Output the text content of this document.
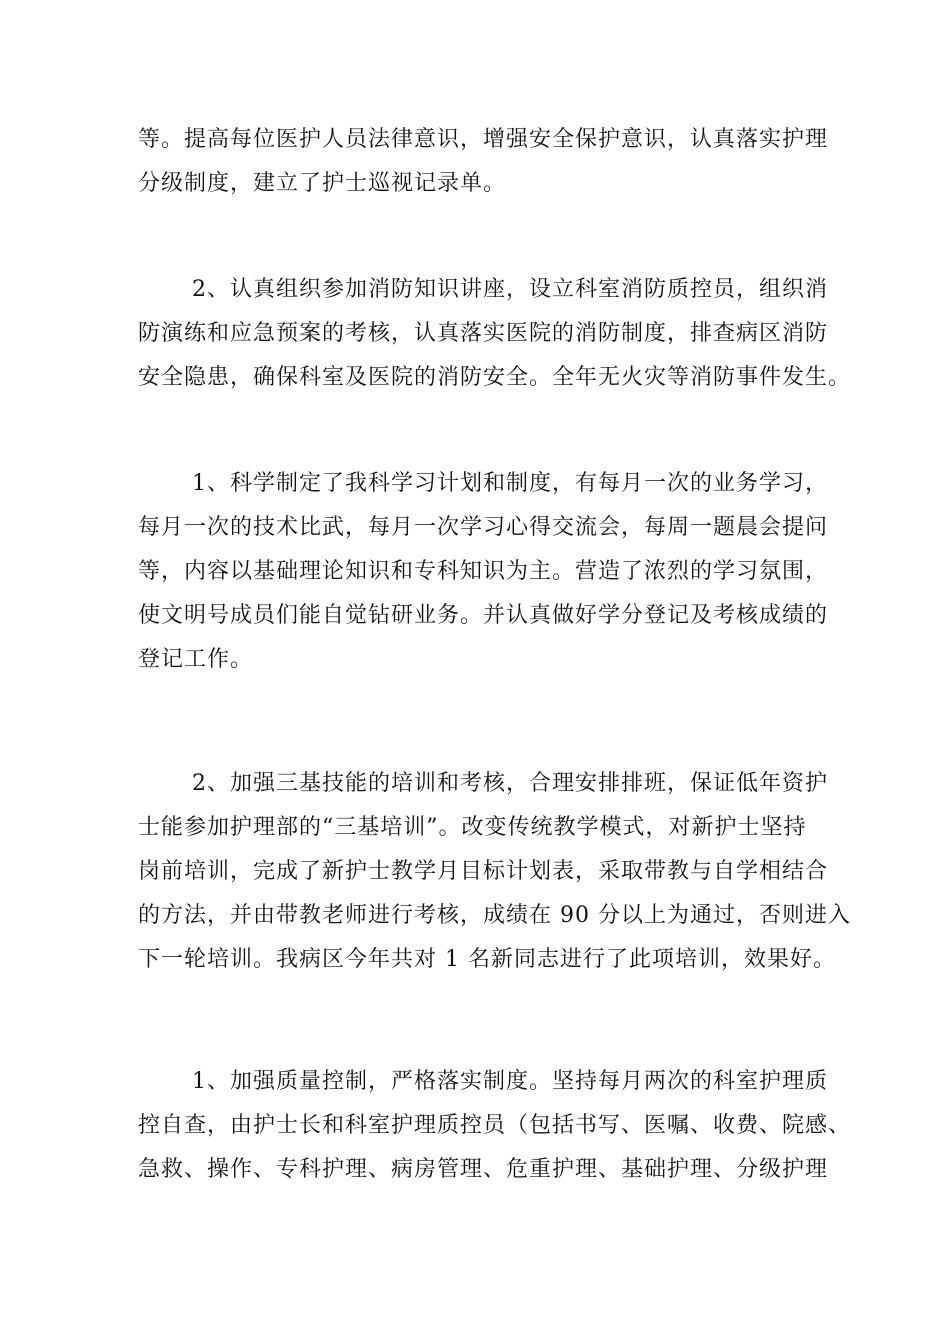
等。提高每位医护人员法律意识，增强安全保护意识，认真落实护理
分级制度，建立了护士巡视记录单。
2、认真组织参加消防知识讲座，设立科室消防质控员，组织消
防演练和应急预案的考核，认真落实医院的消防制度，排查病区消防
安全隐患，确保科室及医院的消防安全。全年无火灾等消防事件发生。
1、科学制定了我科学习计划和制度，有每月一次的业务学习，
每月一次的技术比武，每月一次学习心得交流会，每周一题晨会提问
等，内容以基础理论知识和专科知识为主。营造了浓烈的学习氛围，
使文明号成员们能自觉钻研业务。并认真做好学分登记及考核成绩的
登记工作。
2、加强三基技能的培训和考核，合理安排排班，保证低年资护
士能参加护理部的“三基培训”。改变传统教学模式，对新护士坚持
岗前培训，完成了新护士教学月目标计划表，采取带教与自学相结合
的方法，并由带教老师进行考核，成绩在 90 分以上为通过，否则进入
下一轮培训。我病区今年共对 1 名新同志进行了此项培训，效果好。
1、加强质量控制，严格落实制度。坚持每月两次的科室护理质
控自查，由护士长和科室护理质控员（包括书写、医嘱、收费、院感、
急救、操作、专科护理、病房管理、危重护理、基础护理、分级护理
